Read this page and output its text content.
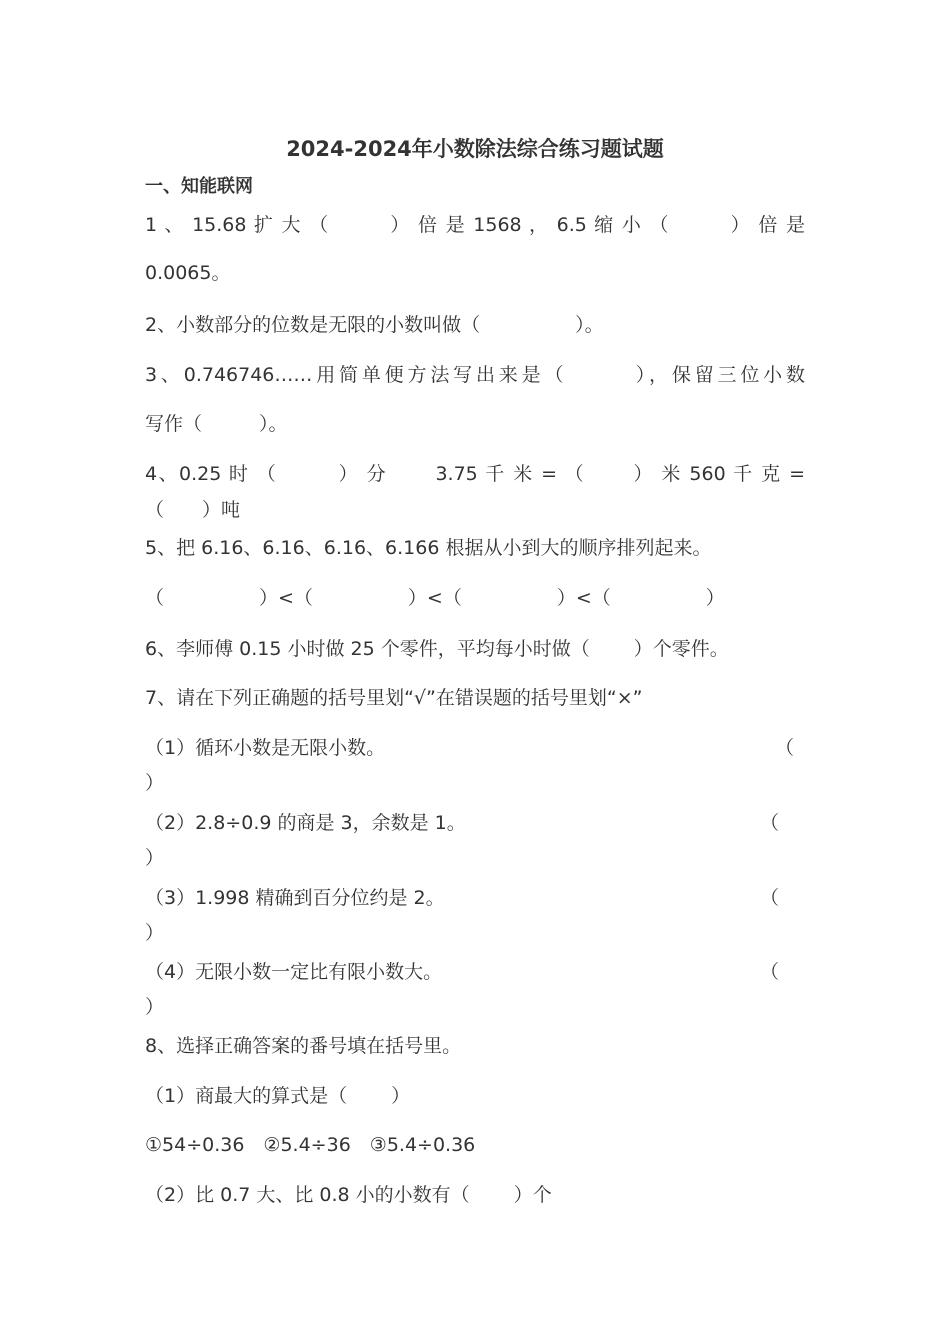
2024-2024年小数除法综合练习题试题
一、知能联网
1 、 15.68 扩 大 （　　　） 倍 是 1568 ， 6.5 缩 小 （　　　） 倍 是
0.0065。
2、小数部分的位数是无限的小数叫做（　　　　　）。
3、0.746746……用简单便方法写出来是（　　　），保留三位小数
写作（　　　）。
4、0.25 时 （　　　） 分　　 3.75 千 米 = （　　 ） 米 560 千 克 =
（　　）吨
5、把 6.16、6.16、6.16、6.166 根据从小到大的顺序排列起来。
（　　　　　）<（　　　　　）<（　　　　　）<（　　　　　）
6、李师傅 0.15 小时做 25 个零件，平均每小时做（　　 ）个零件。
7、请在下列正确题的括号里划“√”在错误题的括号里划“×”
（1）循环小数是无限小数。	（
）
（2）2.8÷0.9 的商是 3，余数是 1。	（
）
（3）1.998 精确到百分位约是 2。	（
）
（4）无限小数一定比有限小数大。	（
）
8、选择正确答案的番号填在括号里。
（1）商最大的算式是（　　 ）
①54÷0.36　②5.4÷36　③5.4÷0.36
（2）比 0.7 大、比 0.8 小的小数有（　　 ）个
